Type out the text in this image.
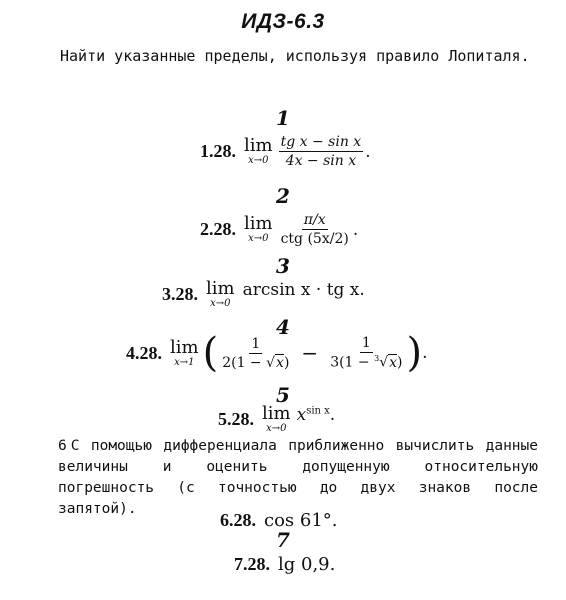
ИДЗ-6.3
Найти указанные пределы, используя правило Лопиталя.
1
1.28. lim
$x\to 0 \frac{\text{tg x − sin x}}{\text{4x − sin x}}$ .
2
2.28. lim
$x\to 0 \frac{\pi/x}{\text{ctg (5x/2)}}$ .
3
3.28. lim
x→0
arcsin x · tg x.
4
4.28. lim
x→1 ( $\frac{1}{2(1 - √x)} - \frac{1}{3(1 - ^3√x)}$ ) .
5
5.28. lim
x→0
$x^{sin x}$.
6 С помощью дифференциала приближенно вычислить данные величины и оценить допущенную относительную погрешность (с точностью до двух знаков после запятой).
6.28. cos 61°.
7
7.28. lg 0,9.
